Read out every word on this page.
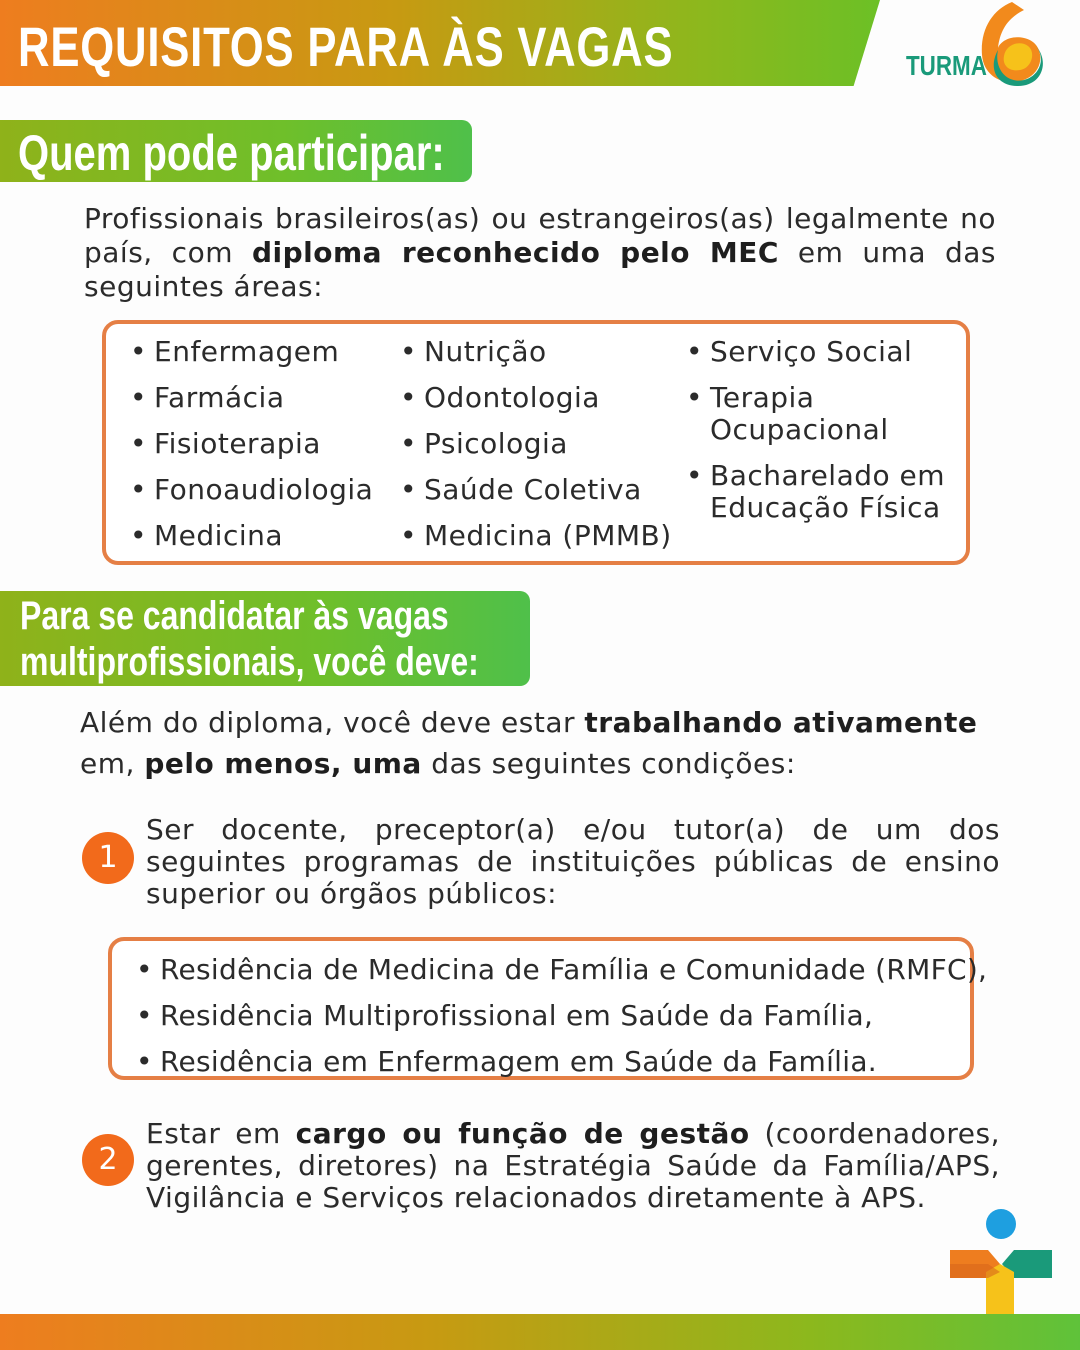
REQUISITOS PARA ÀS VAGAS	TURMA
Quem pode participar:

Profissionais brasileiros(as) ou estrangeiros(as) legalmente no país, com diploma reconhecido pelo MEC em uma das seguintes áreas:

• Enfermagem
• Farmácia
• Fisioterapia
• Fonoaudiologia
• Medicina
• Nutrição
• Odontologia
• Psicologia
• Saúde Coletiva
• Medicina (PMMB)
• Serviço Social
• Terapia Ocupacional
• Bacharelado em Educação Física
Para se candidatar às vagas
multiprofissionais, você deve:

Além do diploma, você deve estar trabalhando ativamente em, pelo menos, uma das seguintes condições:

1

Ser docente, preceptor(a) e/ou tutor(a) de um dos seguintes programas de instituições públicas de ensino superior ou órgãos públicos:

• Residência de Medicina de Família e Comunidade (RMFC),
• Residência Multiprofissional em Saúde da Família,
• Residência em Enfermagem em Saúde da Família.
2

Estar em cargo ou função de gestão (coordenadores, gerentes, diretores) na Estratégia Saúde da Família/APS, Vigilância e Serviços relacionados diretamente à APS.
